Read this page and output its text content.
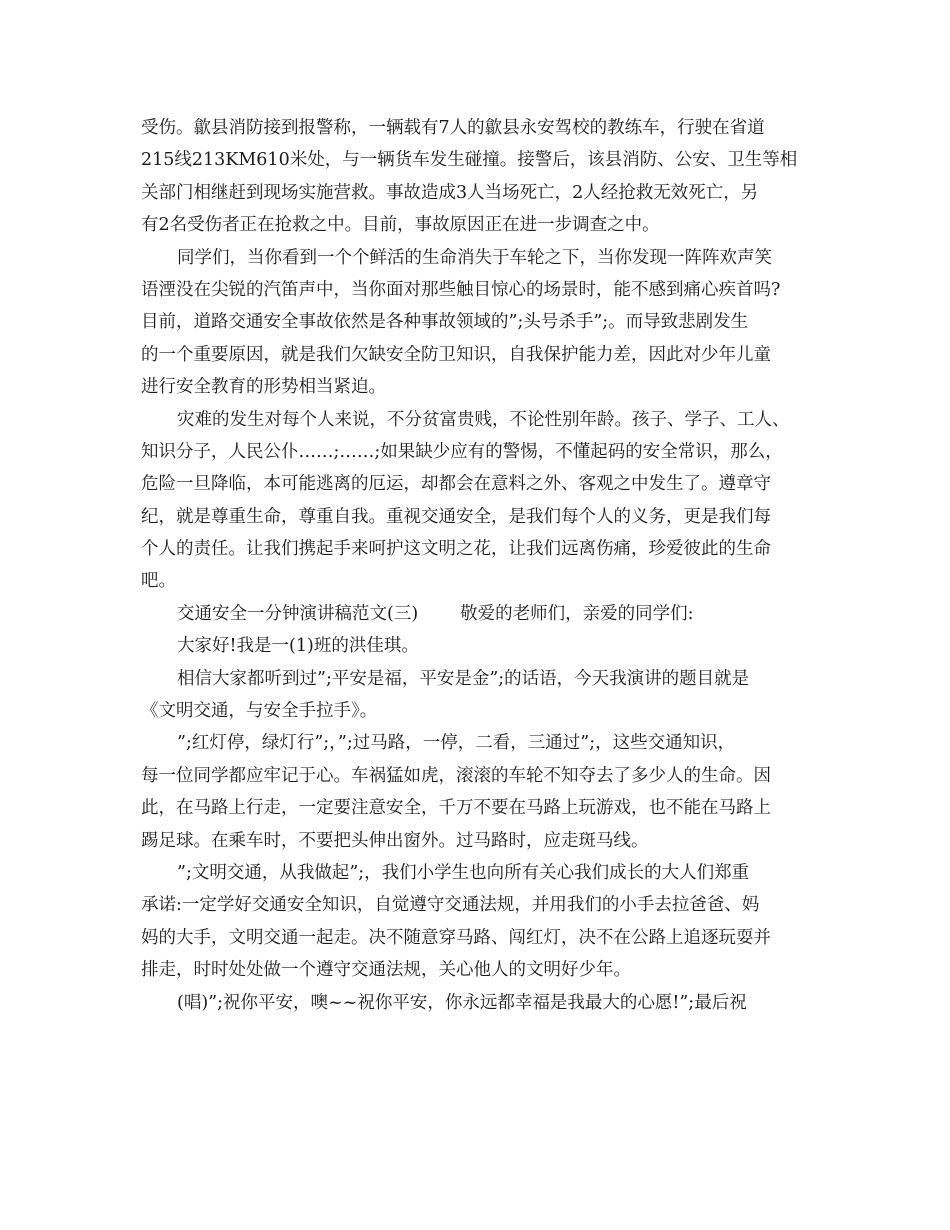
受伤。歙县消防接到报警称，一辆载有7人的歙县永安驾校的教练车，行驶在省道
215线213KM610米处，与一辆货车发生碰撞。接警后，该县消防、公安、卫生等相
关部门相继赶到现场实施营救。事故造成3人当场死亡，2人经抢救无效死亡，另
有2名受伤者正在抢救之中。目前，事故原因正在进一步调查之中。
同学们，当你看到一个个鲜活的生命消失于车轮之下，当你发现一阵阵欢声笑
语湮没在尖锐的汽笛声中，当你面对那些触目惊心的场景时，能不感到痛心疾首吗?
目前，道路交通安全事故依然是各种事故领域的”;头号杀手”;。而导致悲剧发生
的一个重要原因，就是我们欠缺安全防卫知识，自我保护能力差，因此对少年儿童
进行安全教育的形势相当紧迫。
灾难的发生对每个人来说，不分贫富贵贱，不论性别年龄。孩子、学子、工人、
知识分子，人民公仆……;……;如果缺少应有的警惕，不懂起码的安全常识，那么，
危险一旦降临，本可能逃离的厄运，却都会在意料之外、客观之中发生了。遵章守
纪，就是尊重生命，尊重自我。重视交通安全，是我们每个人的义务，更是我们每
个人的责任。让我们携起手来呵护这文明之花，让我们远离伤痛，珍爱彼此的生命
吧。
交通安全一分钟演讲稿范文(三) 敬爱的老师们，亲爱的同学们:
大家好!我是一(1)班的洪佳琪。
相信大家都听到过”;平安是福，平安是金”;的话语，今天我演讲的题目就是
《文明交通，与安全手拉手》。
”;红灯停，绿灯行”;，”;过马路，一停，二看，三通过”;，这些交通知识，
每一位同学都应牢记于心。车祸猛如虎，滚滚的车轮不知夺去了多少人的生命。因
此，在马路上行走，一定要注意安全，千万不要在马路上玩游戏，也不能在马路上
踢足球。在乘车时，不要把头伸出窗外。过马路时，应走斑马线。
”;文明交通，从我做起”;，我们小学生也向所有关心我们成长的大人们郑重
承诺:一定学好交通安全知识，自觉遵守交通法规，并用我们的小手去拉爸爸、妈
妈的大手，文明交通一起走。决不随意穿马路、闯红灯，决不在公路上追逐玩耍并
排走，时时处处做一个遵守交通法规，关心他人的文明好少年。
(唱)”;祝你平安，噢~~祝你平安，你永远都幸福是我最大的心愿!”;最后祝
